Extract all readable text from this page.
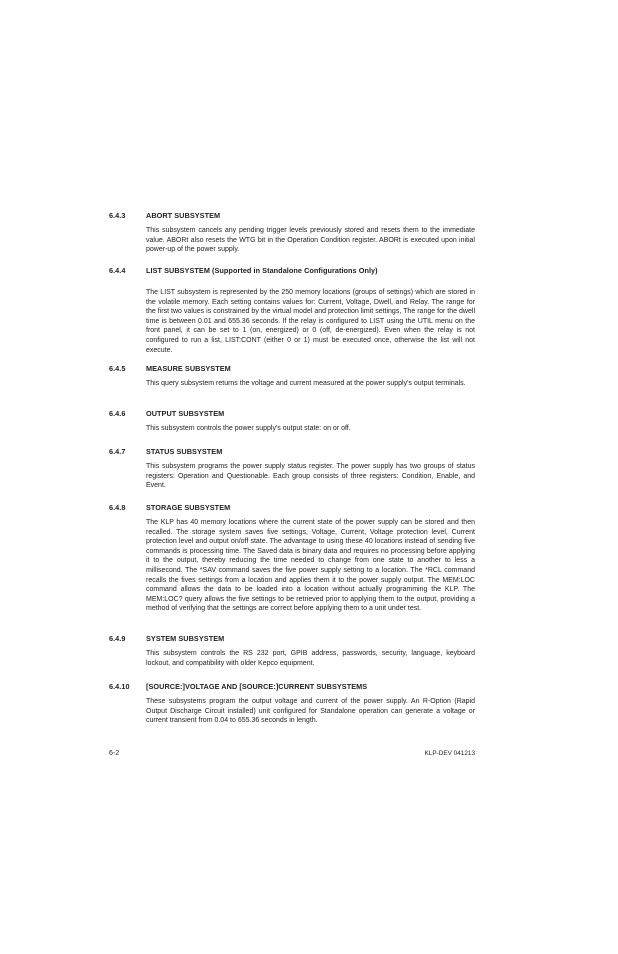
6.4.3	ABORT SUBSYSTEM
This subsystem cancels any pending trigger levels previously stored and resets them to the immediate value. ABORt also resets the WTG bit in the Operation Condition register. ABORt is executed upon initial power-up of the power supply.
6.4.4	LIST SUBSYSTEM (Supported in Standalone Configurations Only)
The LIST subsystem is represented by the 250 memory locations (groups of settings) which are stored in the volatile memory. Each setting contains values for: Current, Voltage, Dwell, and Relay. The range for the first two values is constrained by the virtual model and protection limit settings, The range for the dwell time is between 0.01 and 655.36 seconds. If the relay is configured to LIST using the UTIL menu on the front panel, it can be set to 1 (on, energized) or 0 (off, de-energized). Even when the relay is not configured to run a list, LIST:CONT (either 0 or 1) must be executed once, otherwise the list will not execute.
6.4.5	MEASURE SUBSYSTEM
This query subsystem returns the voltage and current measured at the power supply's output terminals.
6.4.6	OUTPUT SUBSYSTEM
This subsystem controls the power supply's output state: on or off.
6.4.7	STATUS SUBSYSTEM
This subsystem programs the power supply status register. The power supply has two groups of status registers: Operation and Questionable. Each group consists of three registers: Condition, Enable, and Event.
6.4.8	STORAGE SUBSYSTEM
The KLP has 40 memory locations where the current state of the power supply can be stored and then recalled. The storage system saves five settings, Voltage, Current, Voltage protection level, Current protection level and output on/off state. The advantage to using these 40 locations instead of sending five commands is processing time. The Saved data is binary data and requires no processing before applying it to the output, thereby reducing the time needed to change from one state to another to less a millisecond. The *SAV command saves the five power supply setting to a location. The *RCL command recalls the fives settings from a location and applies them it to the power supply output. The MEM:LOC command allows the data to be loaded into a location without actually programming the KLP. The MEM:LOC? query allows the five settings to be retrieved prior to applying them to the output, providing a method of verifying that the settings are correct before applying them to a unit under test.
6.4.9	SYSTEM SUBSYSTEM
This subsystem controls the RS 232 port, GPIB address, passwords, security, language, keyboard lockout, and compatibility with older Kepco equipment.
6.4.10 [SOURCE:]VOLTAGE AND [SOURCE:]CURRENT SUBSYSTEMS
These subsystems program the output voltage and current of the power supply. An R-Option (Rapid Output Discharge Circuit installed) unit configured for Standalone operation can generate a voltage or current transient from 0.04 to 655.36 seconds in length.
6-2	KLP-DEV 041213
